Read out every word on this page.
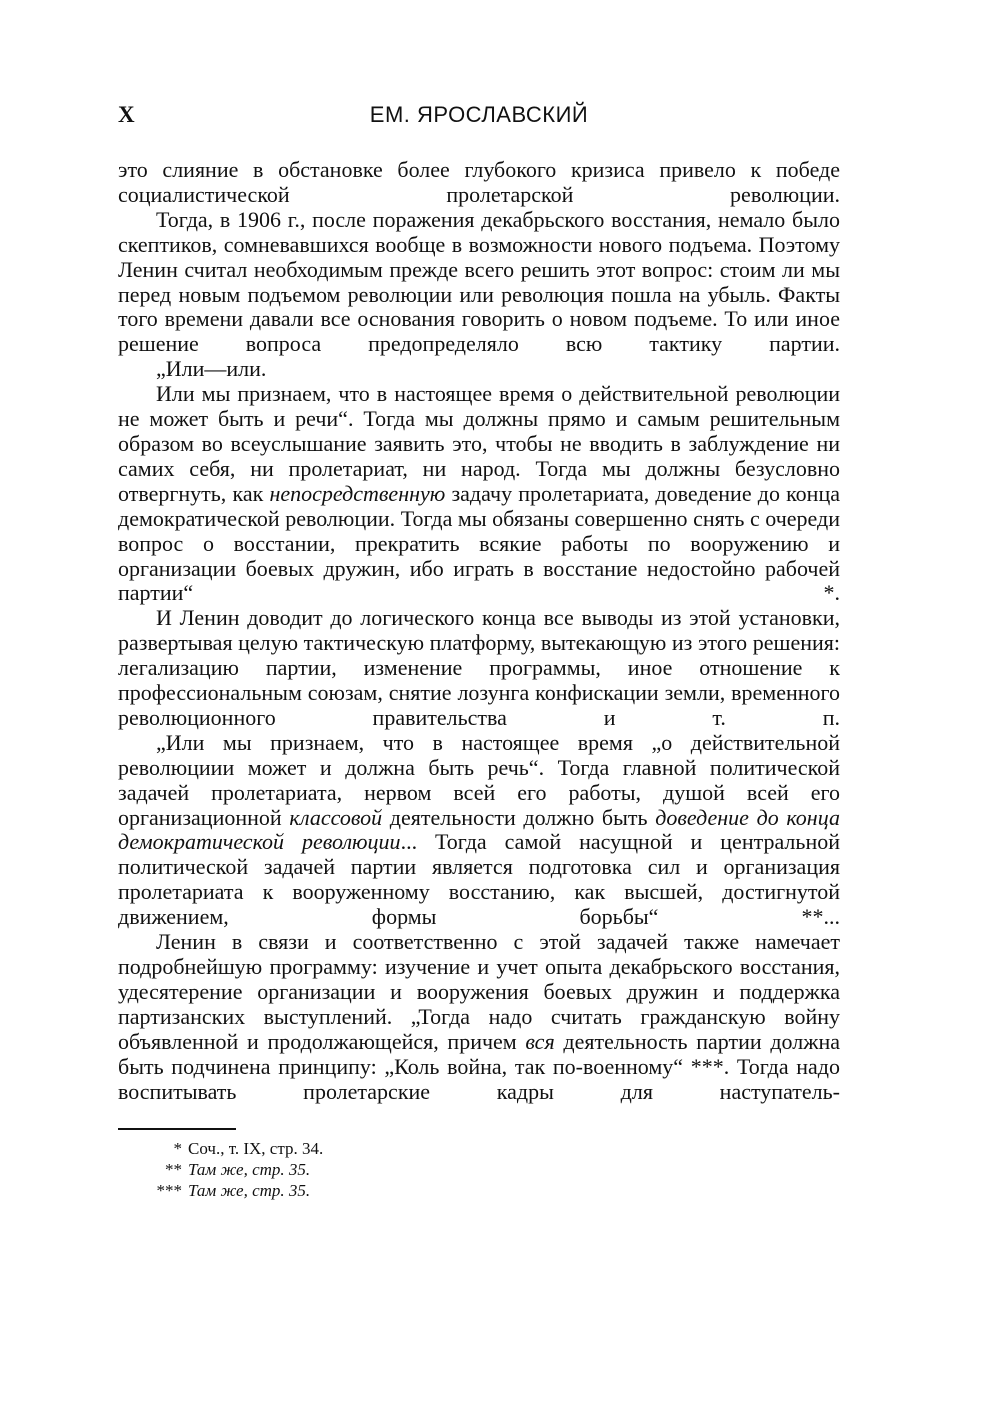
X	ЕМ. ЯРОСЛАВСКИЙ

это слияние в обстановке более глубокого кризиса привело к победе социалистической пролетарской революции.

Тогда, в 1906 г., после поражения декабрьского восстания, немало было скептиков, сомневавшихся вообще в возможности нового подъема. Поэтому Ленин считал необходимым прежде всего решить этот вопрос: стоим ли мы перед новым подъемом революции или революция пошла на убыль. Факты того времени давали все основания говорить о новом подъеме. То или иное решение вопроса предопределяло всю тактику партии.

„Или—или.

Или мы признаем, что в настоящее время о действительной революции не может быть и речи“. Тогда мы должны прямо и самым решительным образом во всеуслышание заявить это, чтобы не вводить в заблуждение ни самих себя, ни пролетариат, ни народ. Тогда мы должны безусловно отвергнуть, как непосредственную задачу пролетариата, доведение до конца демократической революции. Тогда мы обязаны совершенно снять с очереди вопрос о восстании, прекратить всякие работы по вооружению и организации боевых дружин, ибо играть в восстание недостойно рабочей партии“ *.

И Ленин доводит до логического конца все выводы из этой установки, развертывая целую тактическую платформу, вытекающую из этого решения: легализацию партии, изменение программы, иное отношение к профессиональным союзам, снятие лозунга конфискации земли, временного революционного правительства и т. п.

„Или мы признаем, что в настоящее время „о действительной революциии может и должна быть речь“. Тогда главной политической задачей пролетариата, нервом всей его работы, душой всей его организационной классовой деятельности должно быть доведение до конца демократической революции... Тогда самой насущной и центральной политической задачей партии является подготовка сил и организация пролетариата к вооруженному восстанию, как высшей, достигнутой движением, формы борьбы“ **...

Ленин в связи и соответственно с этой задачей также намечает подробнейшую программу: изучение и учет опыта декабрьского восстания, удесятерение организации и вооружения боевых дружин и поддержка партизанских выступлений. „Тогда надо считать гражданскую войну объявленной и продолжающейся, причем вся деятельность партии должна быть подчинена принципу: „Коль война, так по-военному“ ***. Тогда надо воспитывать пролетарские кадры для наступатель-

* Соч., т. IX, стр. 34.

** Там же, стр. 35.

*** Там же, стр. 35.
